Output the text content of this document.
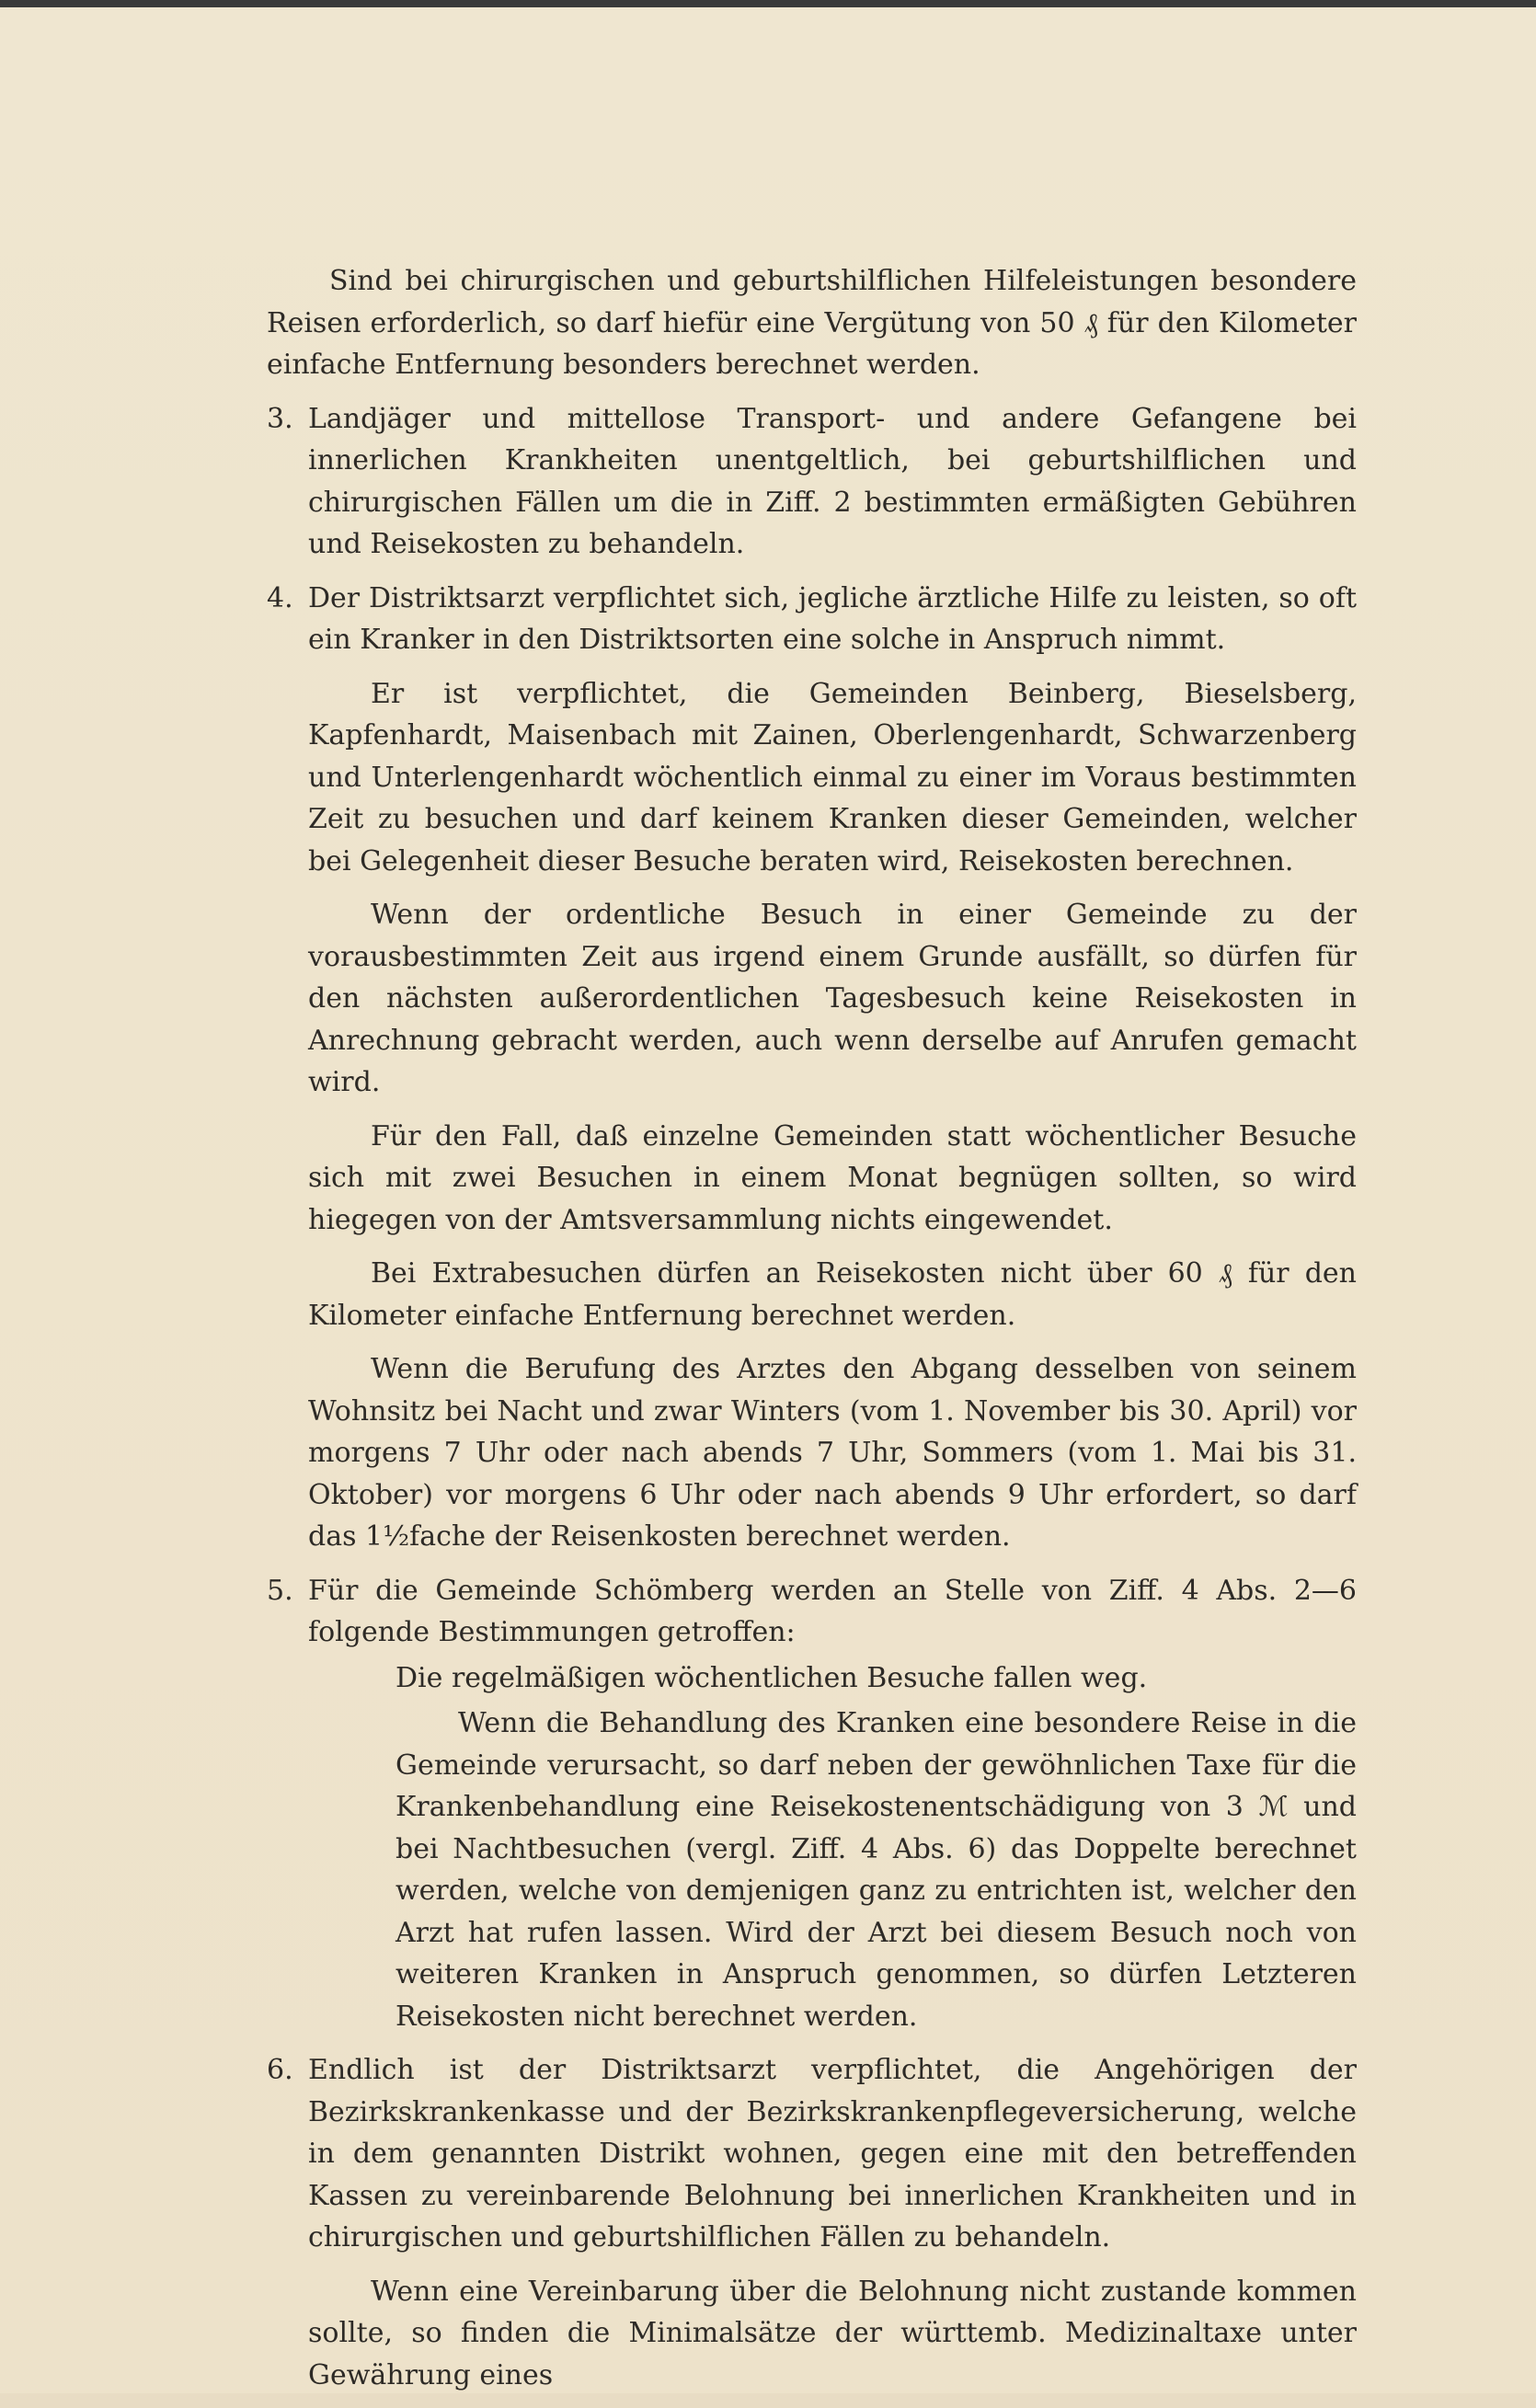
Sind bei chirurgischen und geburtshilflichen Hilfeleistungen besondere Reisen erforderlich, so darf hiefür eine Vergütung von 50 ₰ für den Kilometer einfache Entfernung besonders berechnet werden.

3. Landjäger und mittellose Transport- und andere Gefangene bei innerlichen Krankheiten unentgeltlich, bei geburtshilflichen und chirurgischen Fällen um die in Ziff. 2 bestimmten ermäßigten Gebühren und Reisekosten zu behandeln.

4. Der Distriktsarzt verpflichtet sich, jegliche ärztliche Hilfe zu leisten, so oft ein Kranker in den Distriktsorten eine solche in Anspruch nimmt.

Er ist verpflichtet, die Gemeinden Beinberg, Bieselsberg, Kapfenhardt, Maisenbach mit Zainen, Oberlengenhardt, Schwarzenberg und Unterlengenhardt wöchentlich einmal zu einer im Voraus bestimmten Zeit zu besuchen und darf keinem Kranken dieser Gemeinden, welcher bei Gelegenheit dieser Besuche beraten wird, Reisekosten berechnen.

Wenn der ordentliche Besuch in einer Gemeinde zu der vorausbestimmten Zeit aus irgend einem Grunde ausfällt, so dürfen für den nächsten außerordentlichen Tagesbesuch keine Reisekosten in Anrechnung gebracht werden, auch wenn derselbe auf Anrufen gemacht wird.

Für den Fall, daß einzelne Gemeinden statt wöchentlicher Besuche sich mit zwei Besuchen in einem Monat begnügen sollten, so wird hiegegen von der Amtsversammlung nichts eingewendet.

Bei Extrabesuchen dürfen an Reisekosten nicht über 60 ₰ für den Kilometer einfache Entfernung berechnet werden.

Wenn die Berufung des Arztes den Abgang desselben von seinem Wohnsitz bei Nacht und zwar Winters (vom 1. November bis 30. April) vor morgens 7 Uhr oder nach abends 7 Uhr, Sommers (vom 1. Mai bis 31. Oktober) vor morgens 6 Uhr oder nach abends 9 Uhr erfordert, so darf das 1½fache der Reisenkosten berechnet werden.

5. Für die Gemeinde Schömberg werden an Stelle von Ziff. 4 Abs. 2—6 folgende Bestimmungen getroffen:

Die regelmäßigen wöchentlichen Besuche fallen weg.

Wenn die Behandlung des Kranken eine besondere Reise in die Gemeinde verursacht, so darf neben der gewöhnlichen Taxe für die Krankenbehandlung eine Reisekostenentschädigung von 3 ℳ und bei Nachtbesuchen (vergl. Ziff. 4 Abs. 6) das Doppelte berechnet werden, welche von demjenigen ganz zu entrichten ist, welcher den Arzt hat rufen lassen. Wird der Arzt bei diesem Besuch noch von weiteren Kranken in Anspruch genommen, so dürfen Letzteren Reisekosten nicht berechnet werden.

6. Endlich ist der Distriktsarzt verpflichtet, die Angehörigen der Bezirkskrankenkasse und der Bezirkskrankenpflegeversicherung, welche in dem genannten Distrikt wohnen, gegen eine mit den betreffenden Kassen zu vereinbarende Belohnung bei innerlichen Krankheiten und in chirurgischen und geburtshilflichen Fällen zu behandeln.

Wenn eine Vereinbarung über die Belohnung nicht zustande kommen sollte, so finden die Minimalsätze der württemb. Medizinaltaxe unter Gewährung eines
